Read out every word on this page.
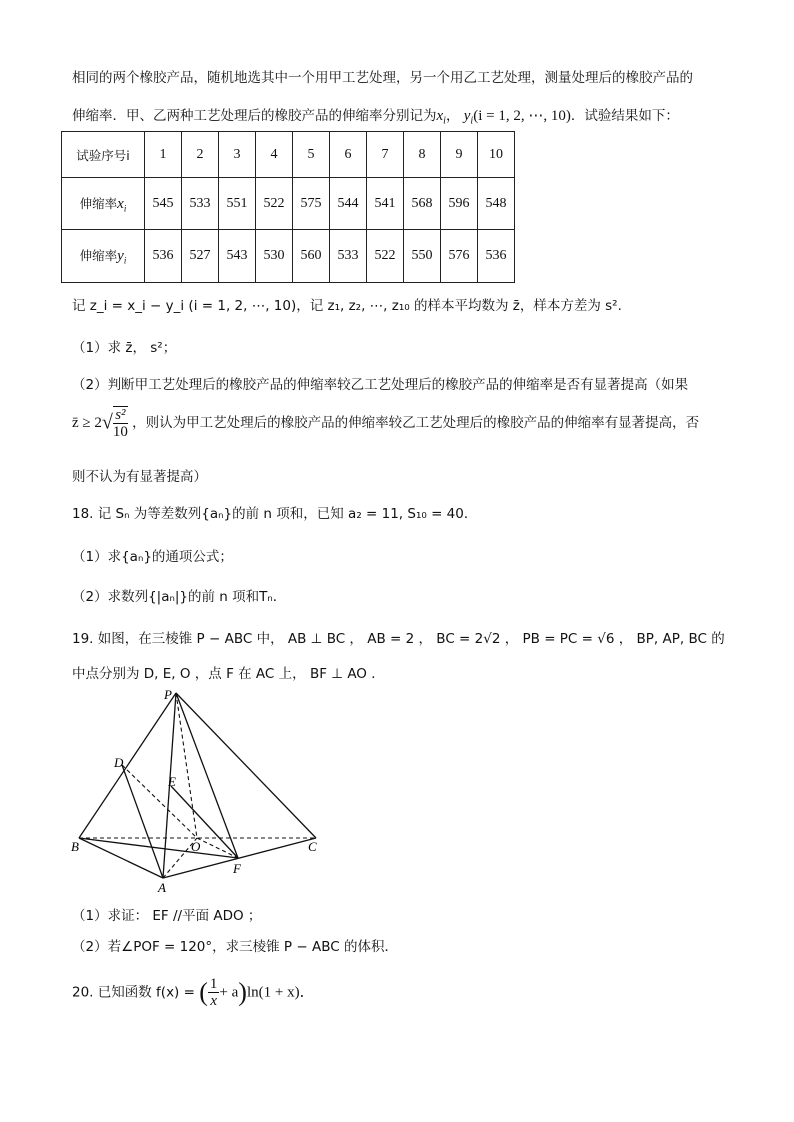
相同的两个橡胶产品，随机地选其中一个用甲工艺处理，另一个用乙工艺处理，测量处理后的橡胶产品的
伸缩率．甲、乙两种工艺处理后的橡胶产品的伸缩率分别记为$x_i$， $y_i(i = 1$, 2, ⋯, 10)．试验结果如下：
试验序号i	1	2	3	4	5	6	7	8	9	10
伸缩率$x_i$	545	533	551	522	575	544	541	568	596	548
伸缩率$y_i$	536	527	543	530	560	533	522	550	576	536
记 z_i = x_i − y_i (i = 1, 2, ⋯, 10)，记 z₁, z₂, ⋯, z₁₀ 的样本平均数为 z̄，样本方差为 s².
（1）求 z̄， s²；
（2）判断甲工艺处理后的橡胶产品的伸缩率较乙工艺处理后的橡胶产品的伸缩率是否有显著提高（如果
z̄ ≥ $2√ \frac{\text{s²}}{10}$ ，则认为甲工艺处理后的橡胶产品的伸缩率较乙工艺处理后的橡胶产品的伸缩率有显著提高，否
则不认为有显著提高）
18. 记 Sₙ 为等差数列{aₙ}的前 n 项和，已知 a₂ = 11, S₁₀ = 40．
（1）求{aₙ}的通项公式；
（2）求数列{|aₙ|}的前 n 项和Tₙ．
19. 如图，在三棱锥 P − ABC 中， AB ⊥ BC ， AB = 2 ， BC = 2√2 ， PB = PC = √6 ， BP, AP, BC 的
中点分别为 D, E, O ，点 F 在 AC 上， BF ⊥ AO ．
P
D
E
B	O	C
F
A
（1）求证： EF //平面 ADO ；
（2）若∠POF = 120°，求三棱锥 P − ABC 的体积．
20. 已知函数 f(x) = ( $\frac{1}{x} + a)\ln(1 + x)$．
